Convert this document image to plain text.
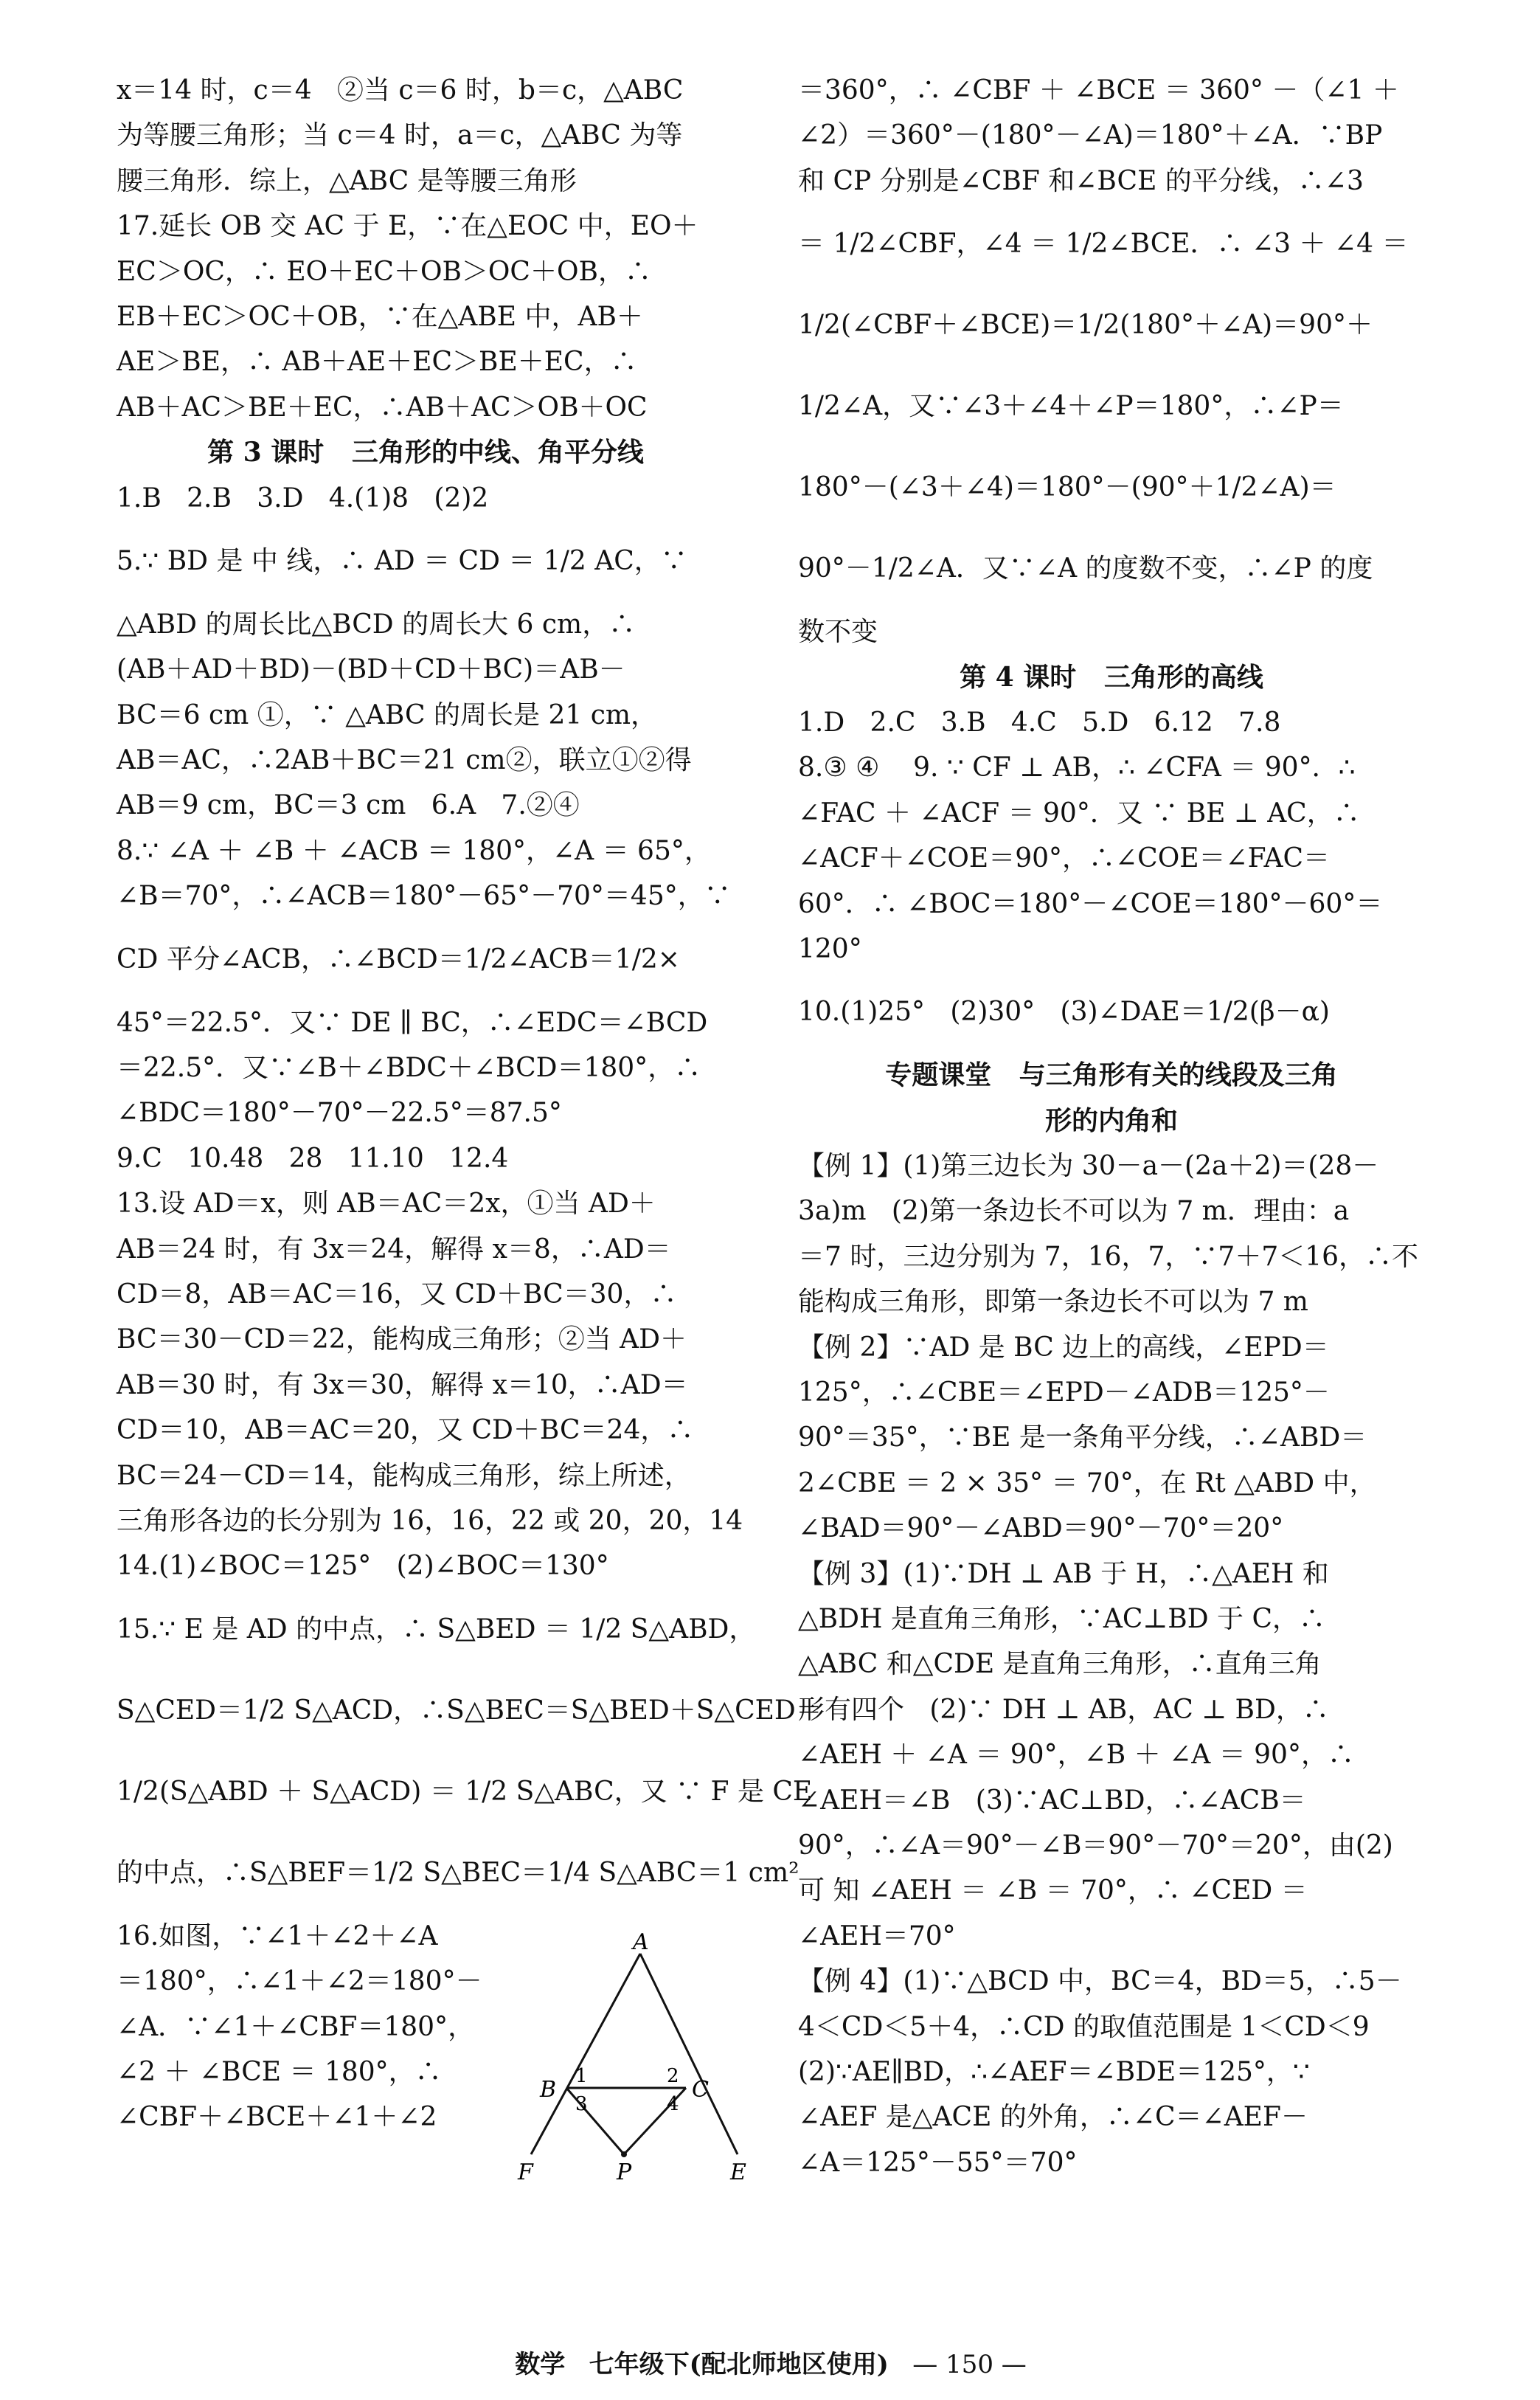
x＝14 时，c＝4   ②当 c＝6 时，b＝c，△ABC
为等腰三角形；当 c＝4 时，a＝c，△ABC 为等
腰三角形．综上，△ABC 是等腰三角形
17.延长 OB 交 AC 于 E，∵在△EOC 中，EO＋
EC＞OC，∴ EO＋EC＋OB＞OC＋OB，∴
EB＋EC＞OC＋OB，∵在△ABE 中，AB＋
AE＞BE，∴ AB＋AE＋EC＞BE＋EC，∴
AB＋AC＞BE＋EC，∴AB＋AC＞OB＋OC
第 3 课时   三角形的中线、角平分线
1.B   2.B   3.D   4.(1)8   (2)2
5.∵ BD 是 中 线，∴ AD ＝ CD ＝ 1/2 AC，∵
△ABD 的周长比△BCD 的周长大 6 cm，∴
(AB＋AD＋BD)－(BD＋CD＋BC)＝AB－
BC＝6 cm ①，∵ △ABC 的周长是 21 cm，
AB＝AC，∴2AB＋BC＝21 cm②，联立①②得
AB＝9 cm，BC＝3 cm   6.A   7.②④
8.∵ ∠A ＋ ∠B ＋ ∠ACB ＝ 180°，∠A ＝ 65°，
∠B＝70°，∴∠ACB＝180°－65°－70°＝45°，∵
CD 平分∠ACB，∴∠BCD＝1/2∠ACB＝1/2×
45°＝22.5°．又∵ DE ∥ BC，∴∠EDC＝∠BCD
＝22.5°．又∵∠B＋∠BDC＋∠BCD＝180°，∴
∠BDC＝180°－70°－22.5°＝87.5°
9.C   10.48   28   11.10   12.4
13.设 AD＝x，则 AB＝AC＝2x，①当 AD＋
AB＝24 时，有 3x＝24，解得 x＝8，∴AD＝
CD＝8，AB＝AC＝16，又 CD＋BC＝30，∴
BC＝30－CD＝22，能构成三角形；②当 AD＋
AB＝30 时，有 3x＝30，解得 x＝10，∴AD＝
CD＝10，AB＝AC＝20，又 CD＋BC＝24，∴
BC＝24－CD＝14，能构成三角形，综上所述，
三角形各边的长分别为 16，16，22 或 20，20，14
14.(1)∠BOC＝125°   (2)∠BOC＝130°
15.∵ E 是 AD 的中点，∴ S△BED ＝ 1/2 S△ABD，
S△CED＝1/2 S△ACD，∴S△BEC＝S△BED＋S△CED＝
1/2(S△ABD ＋ S△ACD) ＝ 1/2 S△ABC，又 ∵ F 是 CE
的中点，∴S△BEF＝1/2 S△BEC＝1/4 S△ABC＝1 cm²
16.如图，∵∠1＋∠2＋∠A
＝180°，∴∠1＋∠2＝180°－
∠A．∵∠1＋∠CBF＝180°，
∠2 ＋ ∠BCE ＝ 180°，∴
∠CBF＋∠BCE＋∠1＋∠2
＝360°，∴ ∠CBF ＋ ∠BCE ＝ 360° －（∠1 ＋
∠2）＝360°－(180°－∠A)＝180°＋∠A．∵BP
和 CP 分别是∠CBF 和∠BCE 的平分线，∴∠3
＝ 1/2∠CBF，∠4 ＝ 1/2∠BCE．∴ ∠3 ＋ ∠4 ＝
1/2(∠CBF＋∠BCE)＝1/2(180°＋∠A)＝90°＋
1/2∠A，又∵∠3＋∠4＋∠P＝180°，∴∠P＝
180°－(∠3＋∠4)＝180°－(90°＋1/2∠A)＝
90°－1/2∠A．又∵∠A 的度数不变，∴∠P 的度
数不变
第 4 课时   三角形的高线
1.D   2.C   3.B   4.C   5.D   6.12   7.8
8.③ ④    9. ∵ CF ⊥ AB，∴ ∠CFA ＝ 90°．∴
∠FAC ＋ ∠ACF ＝ 90°．又 ∵ BE ⊥ AC，∴
∠ACF＋∠COE＝90°，∴∠COE＝∠FAC＝
60°．∴ ∠BOC＝180°－∠COE＝180°－60°＝
120°
10.(1)25°   (2)30°   (3)∠DAE＝1/2(β－α)
专题课堂   与三角形有关的线段及三角
形的内角和
【例 1】(1)第三边长为 30－a－(2a＋2)＝(28－
3a)m   (2)第一条边长不可以为 7 m．理由：a
＝7 时，三边分别为 7，16，7，∵7＋7＜16，∴不
能构成三角形，即第一条边长不可以为 7 m
【例 2】∵AD 是 BC 边上的高线，∠EPD＝
125°，∴∠CBE＝∠EPD－∠ADB＝125°－
90°＝35°，∵BE 是一条角平分线，∴∠ABD＝
2∠CBE ＝ 2 × 35° ＝ 70°，在 Rt △ABD 中，
∠BAD＝90°－∠ABD＝90°－70°＝20°
【例 3】(1)∵DH ⊥ AB 于 H，∴△AEH 和
△BDH 是直角三角形，∵AC⊥BD 于 C，∴
△ABC 和△CDE 是直角三角形，∴直角三角
形有四个   (2)∵ DH ⊥ AB，AC ⊥ BD，∴
∠AEH ＋ ∠A ＝ 90°，∠B ＋ ∠A ＝ 90°，∴
∠AEH＝∠B   (3)∵AC⊥BD，∴∠ACB＝
90°，∴∠A＝90°－∠B＝90°－70°＝20°，由(2)
可 知 ∠AEH ＝ ∠B ＝ 70°，∴ ∠CED ＝
∠AEH＝70°
【例 4】(1)∵△BCD 中，BC＝4，BD＝5，∴5－
4＜CD＜5＋4，∴CD 的取值范围是 1＜CD＜9
(2)∵AE∥BD，∴∠AEF＝∠BDE＝125°，∵
∠AEF 是△ACE 的外角，∴∠C＝∠AEF－
∠A＝125°－55°＝70°
A
B	C
P
F	E
1	2
3	4
数学 七年级下(配北师地区使用) — 150 —
